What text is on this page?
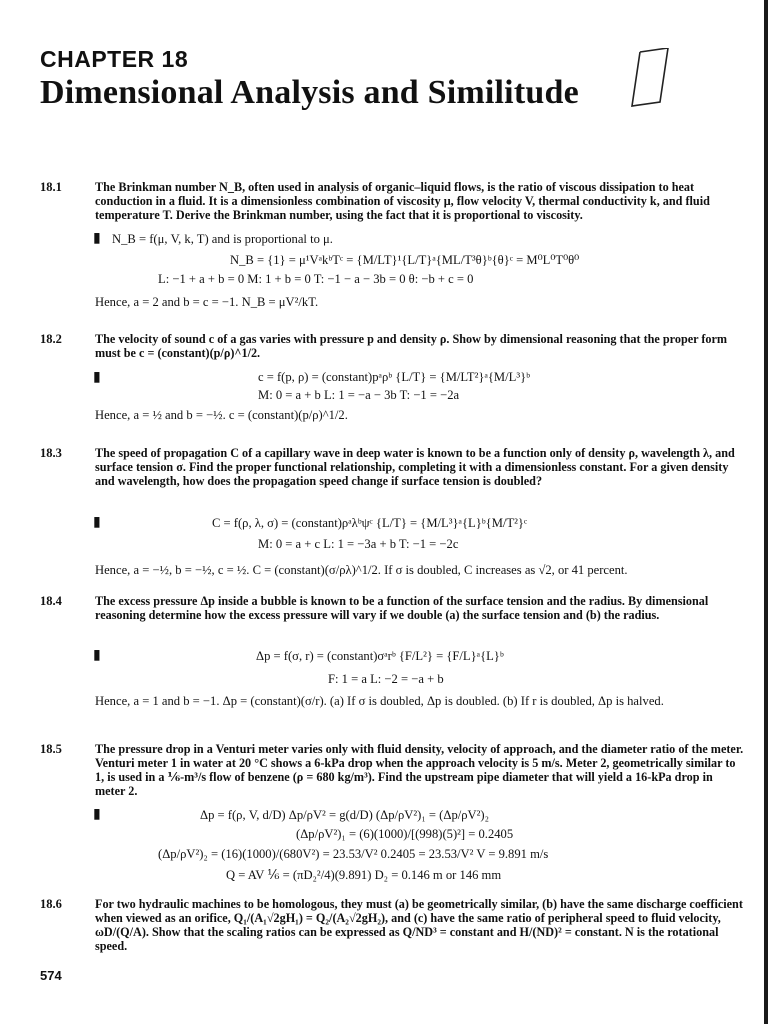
CHAPTER 18
Dimensional Analysis and Similitude
18.1	The Brinkman number N_B, often used in analysis of organic–liquid flows, is the ratio of viscous dissipation to heat conduction in a fluid. It is a dimensionless combination of viscosity μ, flow velocity V, thermal conductivity k, and fluid temperature T. Derive the Brinkman number, using the fact that it is proportional to viscosity.
▮ N_B = f(μ, V, k, T) and is proportional to μ.
N_B = {1} = μ¹VᵃkᵇTᶜ = {M/LT}¹{L/T}ᵃ{ML/T³θ}ᵇ{θ}ᶜ = M⁰L⁰T⁰θ⁰
L: −1 + a + b = 0 M: 1 + b = 0 T: −1 − a − 3b = 0 θ: −b + c = 0
Hence, a = 2 and b = c = −1. N_B = μV²/kT.
18.2	The velocity of sound c of a gas varies with pressure p and density ρ. Show by dimensional reasoning that the proper form must be c = (constant)(p/ρ)^1/2.
▮	c = f(p, ρ) = (constant)pᵃρᵇ {L/T} = {M/LT²}ᵃ{M/L³}ᵇ
M: 0 = a + b L: 1 = −a − 3b T: −1 = −2a
Hence, a = ½ and b = −½. c = (constant)(p/ρ)^1/2.
18.3	The speed of propagation C of a capillary wave in deep water is known to be a function only of density ρ, wavelength λ, and surface tension σ. Find the proper functional relationship, completing it with a dimensionless constant. For a given density and wavelength, how does the propagation speed change if surface tension is doubled?
▮	C = f(ρ, λ, σ) = (constant)ρᵃλᵇψᶜ {L/T} = {M/L³}ᵃ{L}ᵇ{M/T²}ᶜ
M: 0 = a + c L: 1 = −3a + b T: −1 = −2c
Hence, a = −½, b = −½, c = ½. C = (constant)(σ/ρλ)^1/2. If σ is doubled, C increases as √2, or 41 percent.
18.4	The excess pressure Δp inside a bubble is known to be a function of the surface tension and the radius. By dimensional reasoning determine how the excess pressure will vary if we double (a) the surface tension and (b) the radius.
▮	Δp = f(σ, r) = (constant)σᵃrᵇ {F/L²} = {F/L}ᵃ{L}ᵇ
F: 1 = a L: −2 = −a + b
Hence, a = 1 and b = −1. Δp = (constant)(σ/r). (a) If σ is doubled, Δp is doubled. (b) If r is doubled, Δp is halved.
18.5	The pressure drop in a Venturi meter varies only with fluid density, velocity of approach, and the diameter ratio of the meter. Venturi meter 1 in water at 20 °C shows a 6-kPa drop when the approach velocity is 5 m/s. Meter 2, geometrically similar to 1, is used in a ⅙-m³/s flow of benzene (ρ = 680 kg/m³). Find the upstream pipe diameter that will yield a 16-kPa drop in meter 2.
▮	Δp = f(ρ, V, d/D) Δp/ρV² = g(d/D) (Δp/ρV²)₁ = (Δp/ρV²)₂
(Δp/ρV²)₁ = (6)(1000)/[(998)(5)²] = 0.2405
(Δp/ρV²)₂ = (16)(1000)/(680V²) = 23.53/V² 0.2405 = 23.53/V² V = 9.891 m/s
Q = AV ⅙ = (πD₂²/4)(9.891) D₂ = 0.146 m or 146 mm
18.6	For two hydraulic machines to be homologous, they must (a) be geometrically similar, (b) have the same discharge coefficient when viewed as an orifice, Q₁/(A₁√2gH₁) = Q₂/(A₂√2gH₂), and (c) have the same ratio of peripheral speed to fluid velocity, ωD/(Q/A). Show that the scaling ratios can be expressed as Q/ND³ = constant and H/(ND)² = constant. N is the rotational speed.
574
